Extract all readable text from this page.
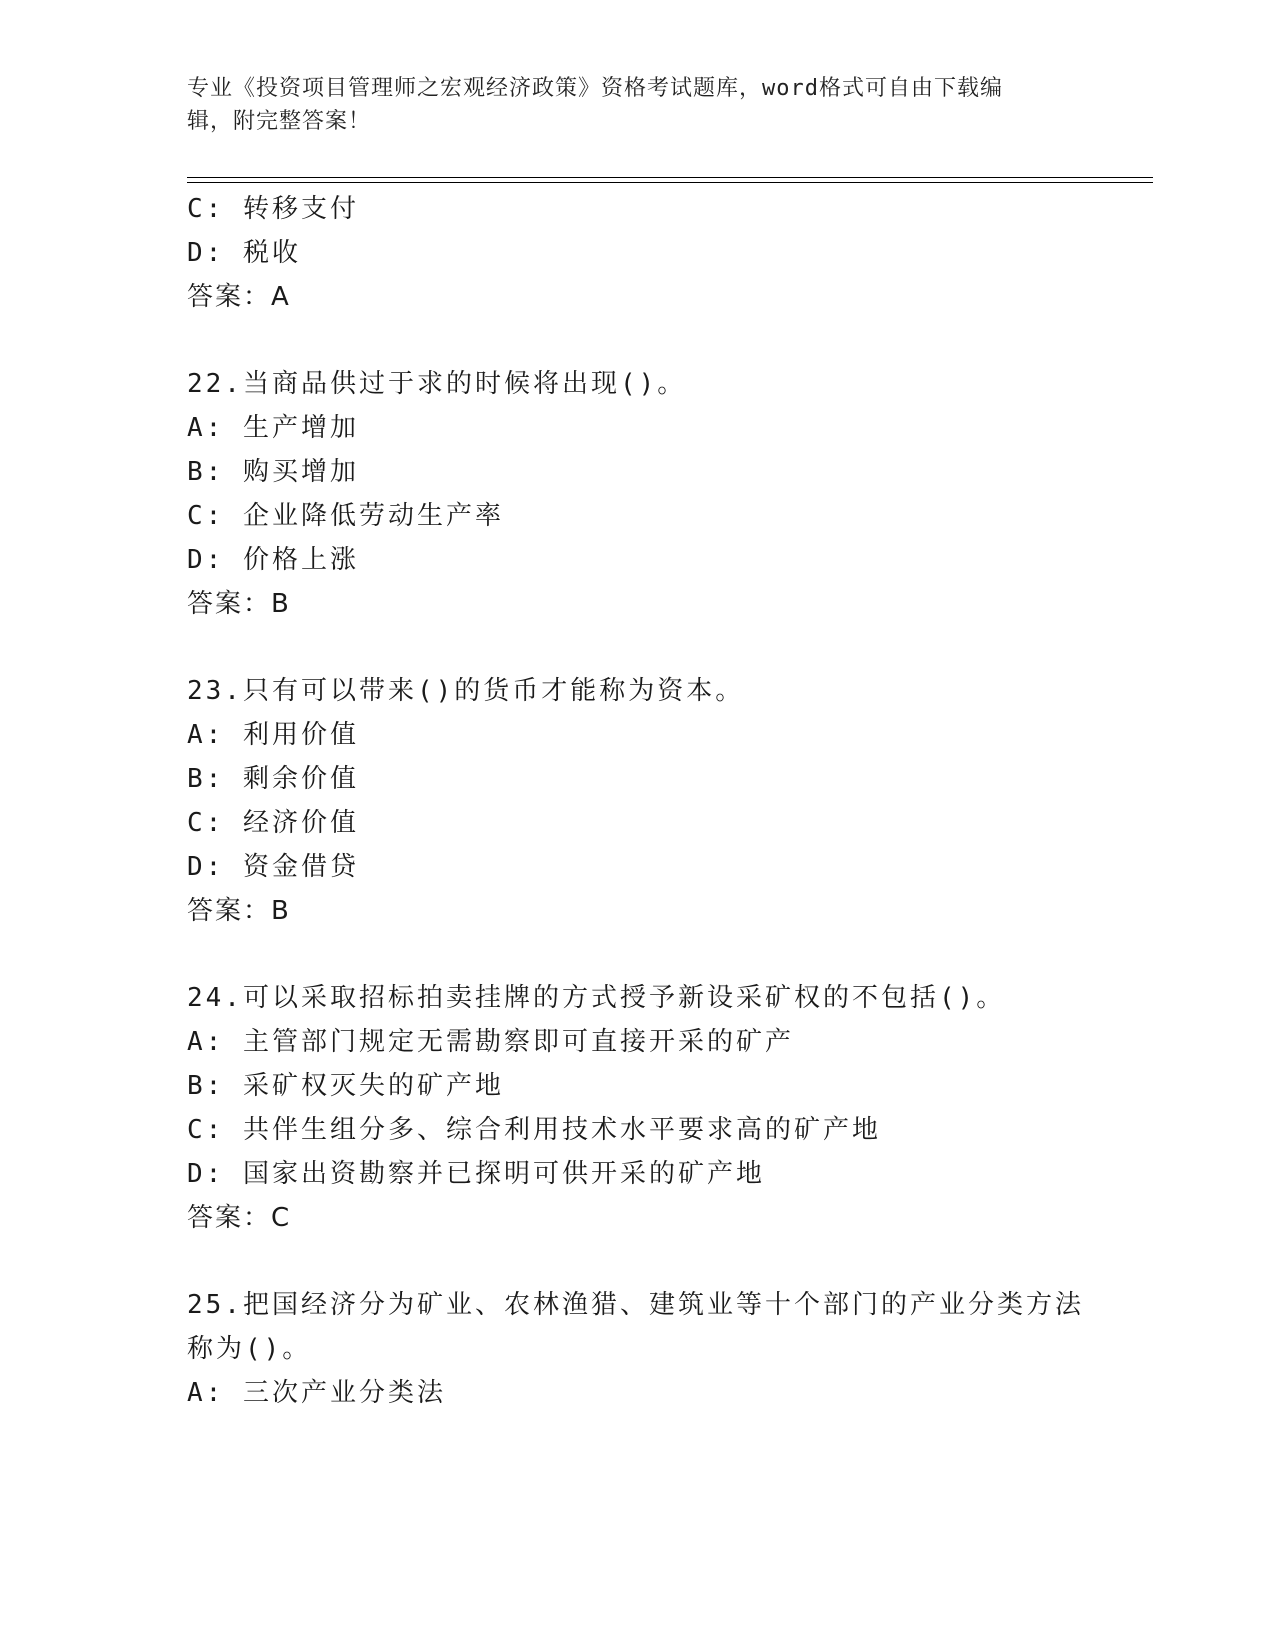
专业《投资项目管理师之宏观经济政策》资格考试题库，word格式可自由下载编
辑，附完整答案！
C: 转移支付
D: 税收
答案：A
22.当商品供过于求的时候将出现()。
A: 生产增加
B: 购买增加
C: 企业降低劳动生产率
D: 价格上涨
答案：B
23.只有可以带来()的货币才能称为资本。
A: 利用价值
B: 剩余价值
C: 经济价值
D: 资金借贷
答案：B
24.可以采取招标拍卖挂牌的方式授予新设采矿权的不包括()。
A: 主管部门规定无需勘察即可直接开采的矿产
B: 采矿权灭失的矿产地
C: 共伴生组分多、综合利用技术水平要求高的矿产地
D: 国家出资勘察并已探明可供开采的矿产地
答案：C
25.把国经济分为矿业、农林渔猎、建筑业等十个部门的产业分类方法
称为()。
A: 三次产业分类法
